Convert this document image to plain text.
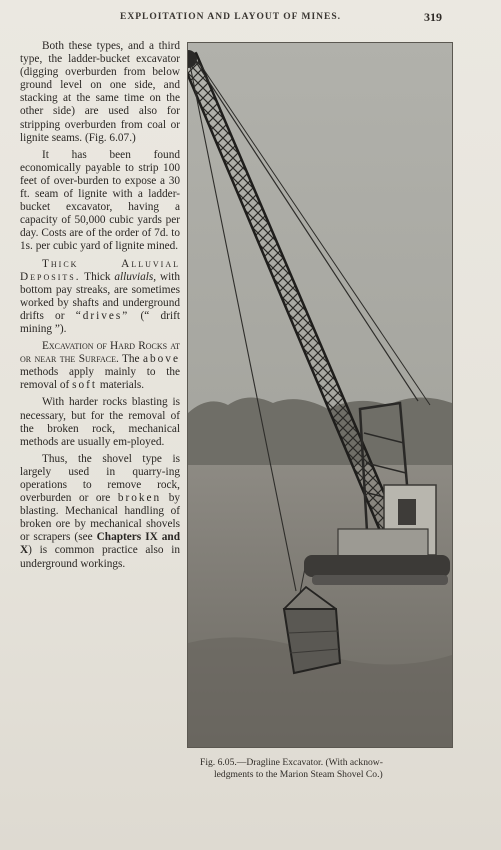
EXPLOITATION AND LAYOUT OF MINES.	319

Both these types, and a third type, the ladder-bucket excavator (digging overburden from below ground level on one side, and stacking at the same time on the other side) are used also for stripping overburden from coal or lignite seams. (Fig. 6.07.)

It has been found economically payable to strip 100 feet of over-burden to expose a 30 ft. seam of lignite with a ladder-bucket excavator, having a capacity of 50,000 cubic yards per day. Costs are of the order of 7d. to 1s. per cubic yard of lignite mined.

Thick Alluvial Deposits. Thick alluvials, with bottom pay streaks, are sometimes worked by shafts and underground drifts or “drives” (“ drift mining ”).

Excavation of Hard Rocks at or near the Surface. The above methods apply mainly to the removal of soft materials.

With harder rocks blasting is necessary, but for the removal of the broken rock, mechanical methods are usually em-ployed.

Thus, the shovel type is largely used in quarry-ing operations to remove rock, overburden or ore broken by blasting. Mechanical handling of broken ore by mechanical shovels or scrapers (see Chapters IX and X) is common practice also in underground workings.

Fig. 6.05.—Dragline Excavator. (With acknow-
ledgments to the Marion Steam Shovel Co.)
